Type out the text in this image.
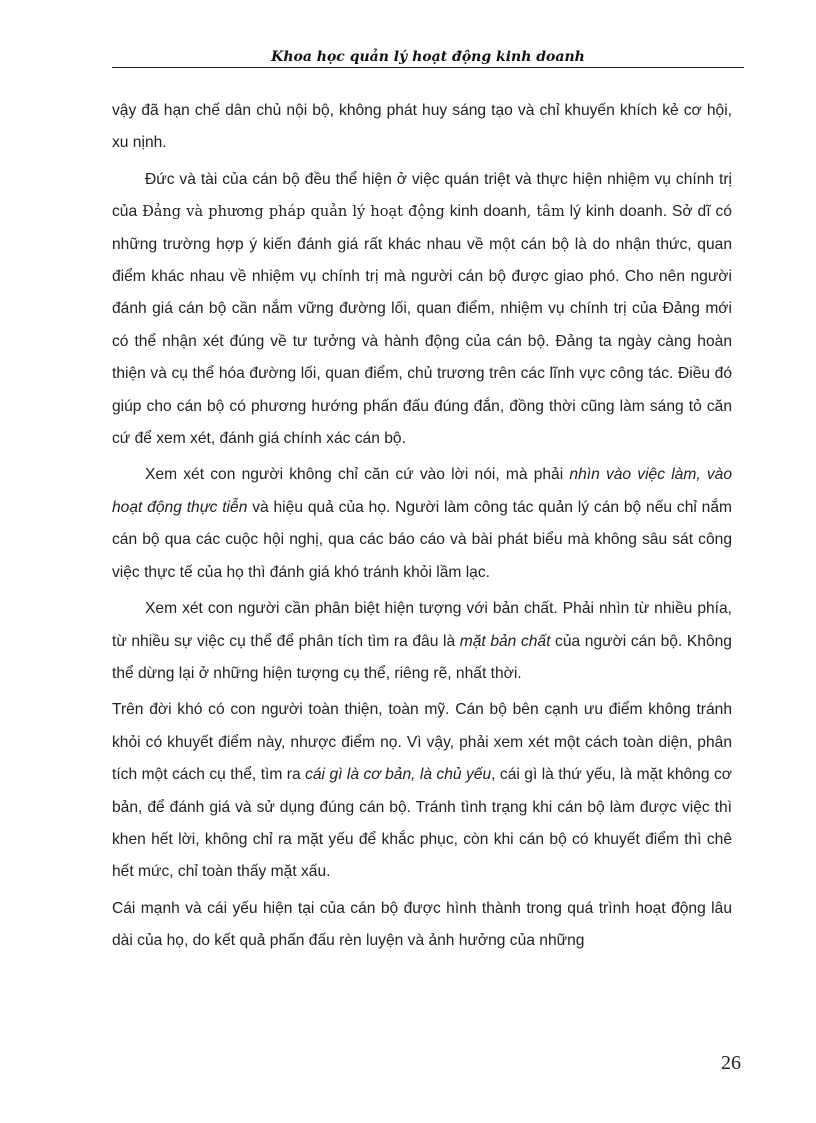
Khoa học quản lý hoạt động kinh doanh

vậy đã hạn chế dân chủ nội bộ, không phát huy sáng tạo và chỉ khuyến khích kẻ cơ hội, xu nịnh.

Đức và tài của cán bộ đều thể hiện ở việc quán triệt và thực hiện nhiệm vụ chính trị của Đảng và phương pháp quản lý hoạt động kinh doanh, tâm lý kinh doanh. Sở dĩ có những trường hợp ý kiến đánh giá rất khác nhau về một cán bộ là do nhận thức, quan điểm khác nhau về nhiệm vụ chính trị mà người cán bộ được giao phó. Cho nên người đánh giá cán bộ cần nắm vững đường lối, quan điểm, nhiệm vụ chính trị của Đảng mới có thể nhận xét đúng về tư tưởng và hành động của cán bộ. Đảng ta ngày càng hoàn thiện và cụ thể hóa đường lối, quan điểm, chủ trương trên các lĩnh vực công tác. Điều đó giúp cho cán bộ có phương hướng phấn đấu đúng đắn, đồng thời cũng làm sáng tỏ căn cứ để xem xét, đánh giá chính xác cán bộ.

Xem xét con người không chỉ căn cứ vào lời nói, mà phải nhìn vào việc làm, vào hoạt động thực tiễn và hiệu quả của họ. Người làm công tác quản lý cán bộ nếu chỉ nắm cán bộ qua các cuộc hội nghị, qua các báo cáo và bài phát biểu mà không sâu sát công việc thực tế của họ thì đánh giá khó tránh khỏi lầm lạc.

Xem xét con người cần phân biệt hiện tượng với bản chất. Phải nhìn từ nhiều phía, từ nhiều sự việc cụ thể để phân tích tìm ra đâu là mặt bản chất của người cán bộ. Không thể dừng lại ở những hiện tượng cụ thể, riêng rẽ, nhất thời.

Trên đời khó có con người toàn thiện, toàn mỹ. Cán bộ bên cạnh ưu điểm không tránh khỏi có khuyết điểm này, nhược điểm nọ. Vì vậy, phải xem xét một cách toàn diện, phân tích một cách cụ thể, tìm ra cái gì là cơ bản, là chủ yếu, cái gì là thứ yếu, là mặt không cơ bản, để đánh giá và sử dụng đúng cán bộ. Tránh tình trạng khi cán bộ làm được việc thì khen hết lời, không chỉ ra mặt yếu để khắc phục, còn khi cán bộ có khuyết điểm thì chê hết mức, chỉ toàn thấy mặt xấu.

Cái mạnh và cái yếu hiện tại của cán bộ được hình thành trong quá trình hoạt động lâu dài của họ, do kết quả phấn đấu rèn luyện và ảnh hưởng của những

26
